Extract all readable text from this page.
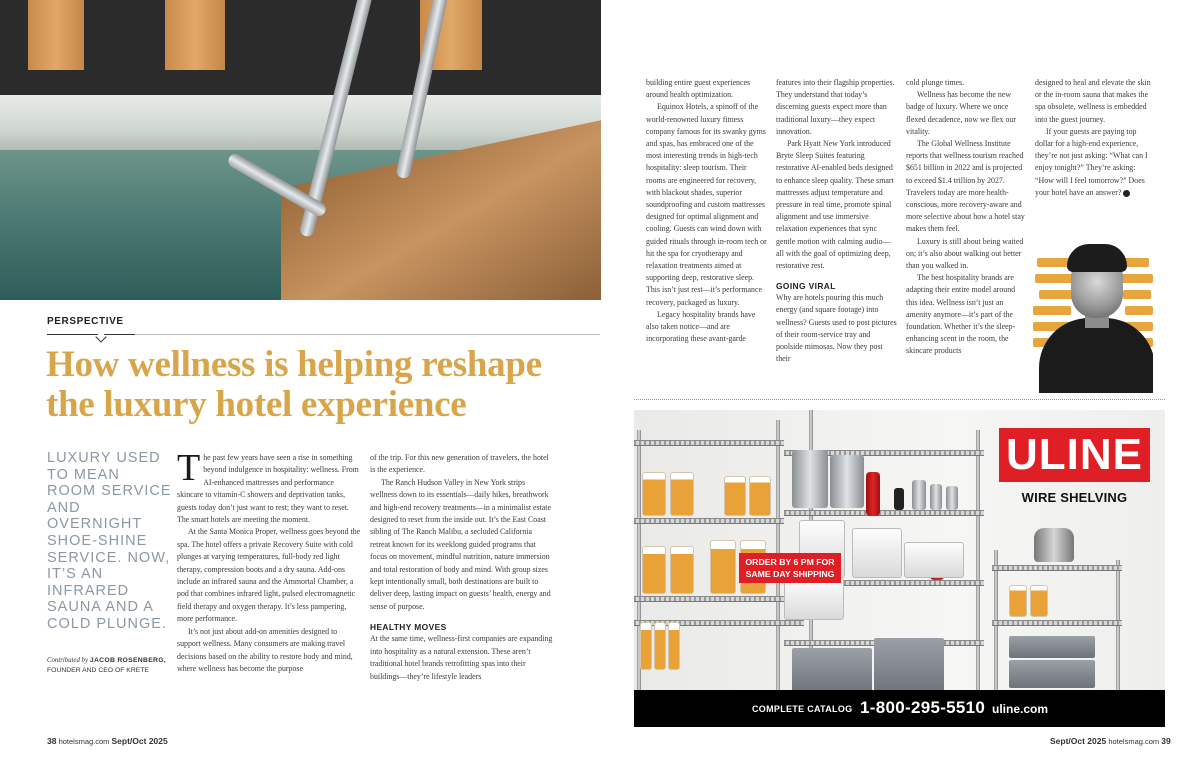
PERSPECTIVE
How wellness is helping reshape the luxury hotel experience
LUXURY USED TO MEAN ROOM SERVICE AND OVERNIGHT SHOE-SHINE SERVICE. NOW, IT’S AN INFRARED SAUNA AND A COLD PLUNGE.
Contributed by JACOB ROSENBERG,
FOUNDER AND CEO OF KRETE

The past few years have seen a rise in something beyond indulgence in hospitality: wellness. From AI-enhanced mattresses and performance skincare to vitamin-C showers and deprivation tanks, guests today don’t just want to rest; they want to reset. The smart hotels are meeting the moment.

At the Santa Monica Proper, wellness goes beyond the spa. The hotel offers a private Recovery Suite with cold plunges at varying temperatures, full-body red light therapy, compression boots and a dry sauna. Add-ons include an infrared sauna and the Ammortal Chamber, a pod that combines infrared light, pulsed electromagnetic field therapy and oxygen therapy. It’s less pampering, more performance.

It’s not just about add-on amenities designed to support wellness. Many consumers are making travel decisions based on the ability to restore body and mind, where wellness has become the purpose

of the trip. For this new generation of travelers, the hotel is the experience.

The Ranch Hudson Valley in New York strips wellness down to its essentials—daily hikes, breathwork and high-end recovery treatments—in a minimalist estate designed to reset from the inside out. It’s the East Coast sibling of The Ranch Malibu, a secluded California retreat known for its weeklong guided programs that focus on movement, mindful nutrition, nature immersion and total restoration of body and mind. With group sizes kept intentionally small, both destinations are built to deliver deep, lasting impact on guests’ health, energy and sense of purpose.

HEALTHY MOVES

At the same time, wellness-first companies are expanding into hospitality as a natural extension. These aren’t traditional hotel brands retrofitting spas into their buildings—they’re lifestyle leaders

38 hotelsmag.com Sept/Oct 2025

building entire guest experiences around health optimization.

Equinox Hotels, a spinoff of the world-renowned luxury fitness company famous for its swanky gyms and spas, has embraced one of the most interesting trends in high-tech hospitality: sleep tourism. Their rooms are engineered for recovery, with blackout shades, superior soundproofing and custom mattresses designed for optimal alignment and cooling. Guests can wind down with guided rituals through in-room tech or hit the spa for cryotherapy and relaxation treatments aimed at supporting deep, restorative sleep. This isn’t just rest—it’s performance recovery, packaged as luxury.

Legacy hospitality brands have also taken notice—and are incorporating these avant-garde

features into their flagship properties. They understand that today’s discerning guests expect more than traditional luxury—they expect innovation.

Park Hyatt New York introduced Bryte Sleep Suites featuring restorative AI-enabled beds designed to enhance sleep quality. These smart mattresses adjust temperature and pressure in real time, promote spinal alignment and use immersive relaxation experiences that sync gentle motion with calming audio—all with the goal of optimizing deep, restorative rest.

GOING VIRAL

Why are hotels pouring this much energy (and square footage) into wellness? Guests used to post pictures of their room-service tray and poolside mimosas. Now they post their

cold plunge times.

Wellness has become the new badge of luxury. Where we once flexed decadence, now we flex our vitality.

The Global Wellness Institute reports that wellness tourism reached $651 billion in 2022 and is projected to exceed $1.4 trillion by 2027. Travelers today are more health-conscious, more recovery-aware and more selective about how a hotel stay makes them feel.

Luxury is still about being waited on; it’s also about walking out better than you walked in.

The best hospitality brands are adapting their entire model around this idea. Wellness isn’t just an amenity anymore—it’s part of the foundation. Whether it’s the sleep-enhancing scent in the room, the skincare products

designed to heal and elevate the skin or the in-room sauna that makes the spa obsolete, wellness is embedded into the guest journey.

If your guests are paying top dollar for a high-end experience, they’re not just asking: “What can I enjoy tonight?” They’re asking: “How will I feel tomorrow?” Does your hotel have an answer?

ULINE
WIRE SHELVING
ORDER BY 6 PM FOR SAME DAY SHIPPING
COMPLETE CATALOG 1-800-295-5510 uline.com
Sept/Oct 2025 hotelsmag.com 39
